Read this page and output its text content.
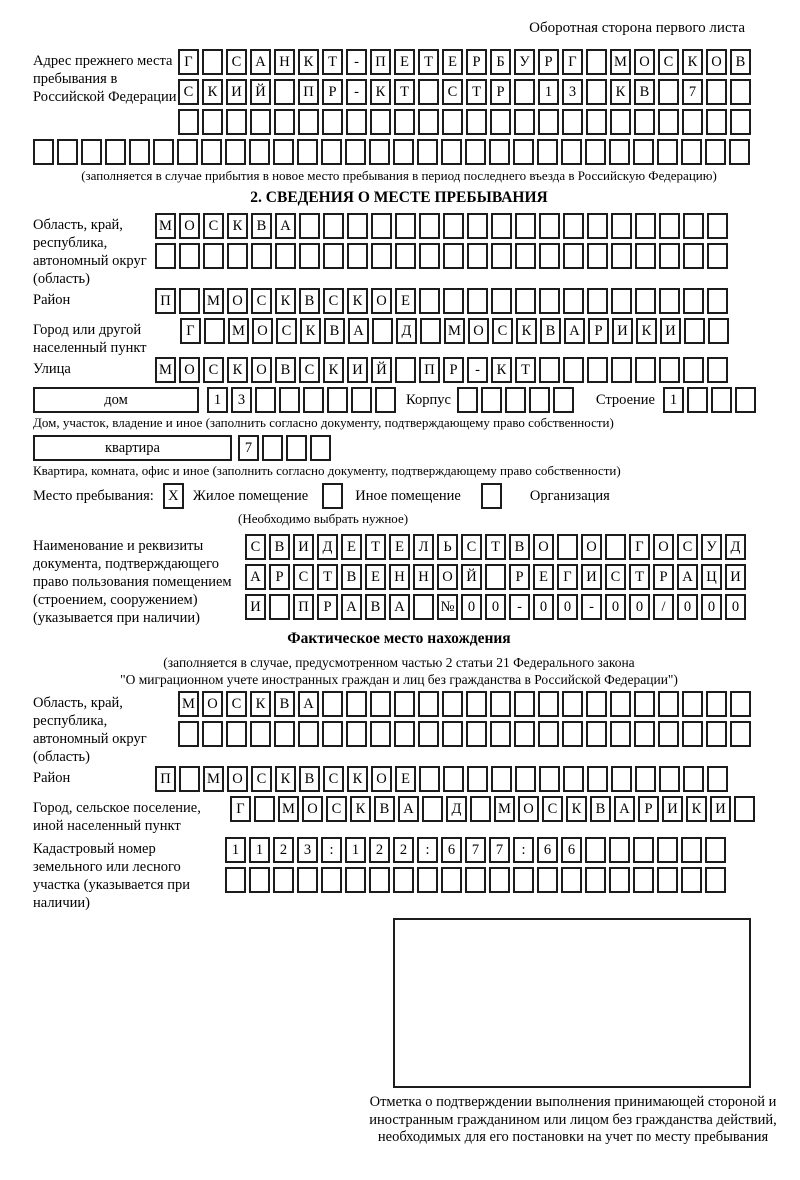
Оборотная сторона первого листа
Адрес прежнего места пребывания в Российской Федерации
Г	С А Н К	Т	-	П Е	Т	Е	Р	Б	У	Р	Г	М О С К О В
С К И Й	П	Р	-	К	Т	С	Т	Р	1	3	К В	7
(заполняется в случае прибытия в новое место пребывания в период последнего въезда в Российскую Федерацию)
2. СВЕДЕНИЯ О МЕСТЕ ПРЕБЫВАНИЯ
Область, край, республика, автономный округ (область)
М О С К В А
Район	П	М О С К В С К О Е
Город или другой населенный пункт
Г	М О С К В А	Д	М О С К В А	Р	И К И
Улица	М О С К О В С К И Й	П	Р	-	К	Т
дом	1	3	Корпус	Строение	1
Дом, участок, владение и иное (заполнить согласно документу, подтверждающему право собственности)
квартира	7
Квартира, комната, офис и иное (заполнить согласно документу, подтверждающему право собственности)
Место пребывания: X Жилое помещение	Иное помещение	Организация
(Необходимо выбрать нужное)
Наименование и реквизиты документа, подтверждающего право пользования помещением (строением, сооружением) (указывается при наличии)
С В И Д	Е	Т	Е	Л	Ь	С	Т	В О	О	Г	О С У Д
А	Р	С	Т	В	Е Н Н О Й	Р	Е	Г	И С	Т	Р	А Ц И
И	П	Р	А В А	№ 0	0	-	0	0	-	0	0	/	0	0	0
Фактическое место нахождения
(заполняется в случае, предусмотренном частью 2 статьи 21 Федерального закона
"О миграционном учете иностранных граждан и лиц без гражданства в Российской Федерации")
Область, край, республика, автономный округ (область)
М О С К В А
Район	П	М О С К В С К О Е
Город, сельское поселение, иной населенный пункт
Г	М О С К В А	Д	М О С К В А	Р	И К И
Кадастровый номер земельного или лесного участка (указывается при наличии)
1	1	2	3	:	1	2	2	:	6	7	7	:	6	6
Отметка о подтверждении выполнения принимающей стороной и иностранным гражданином или лицом без гражданства действий, необходимых для его постановки на учет по месту пребывания
